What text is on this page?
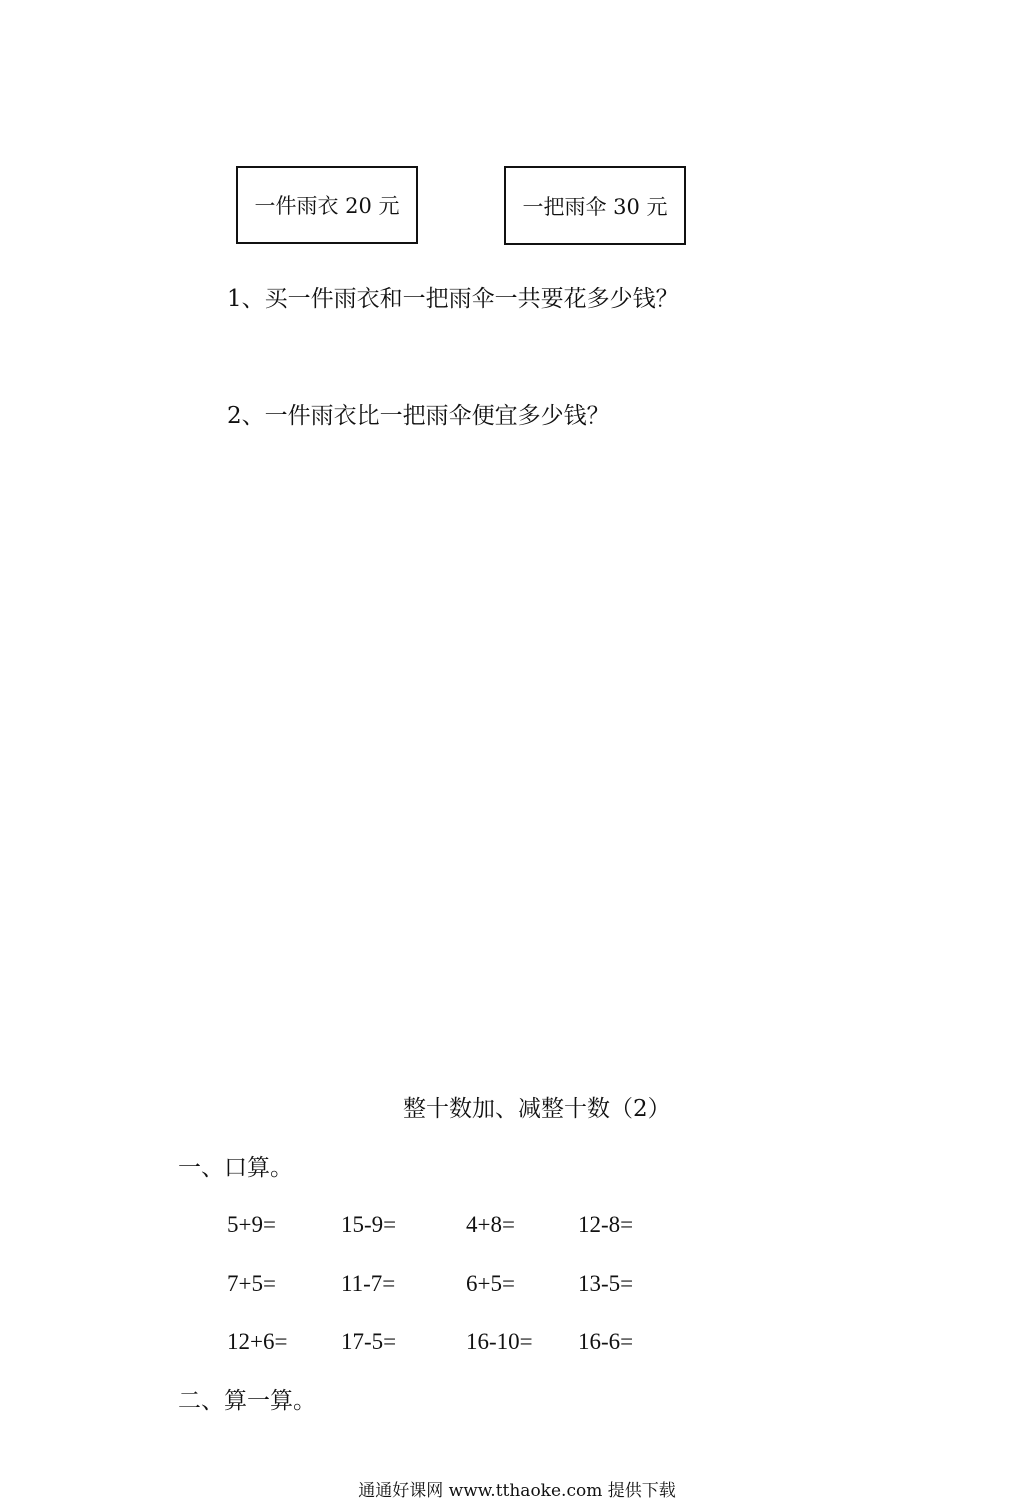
一件雨衣 20 元	一把雨伞 30 元
1、买一件雨衣和一把雨伞一共要花多少钱？
2、一件雨衣比一把雨伞便宜多少钱？
整十数加、减整十数（2）
一、口算。
5+9=	15-9=	4+8=	12-8=
7+5=	11-7=	6+5=	13-5=
12+6= 17-5=	16-10= 16-6=
二、算一算。
通通好课网 www.tthaoke.com 提供下载
